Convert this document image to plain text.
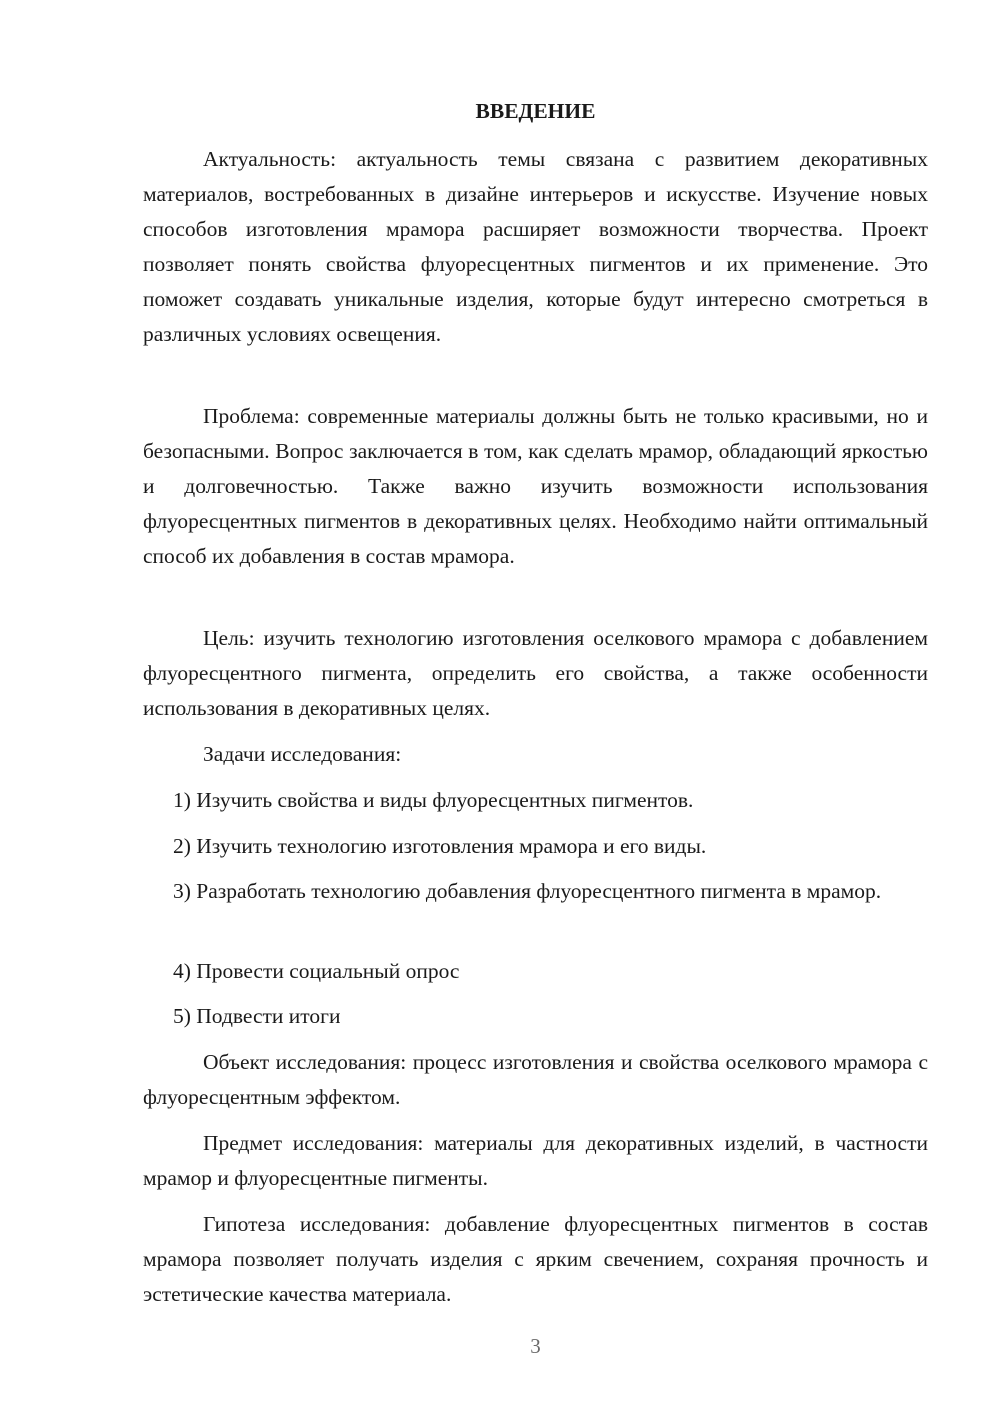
ВВЕДЕНИЕ

Актуальность: актуальность темы связана с развитием декоративных материалов, востребованных в дизайне интерьеров и искусстве. Изучение новых способов изготовления мрамора расширяет возможности творчества. Проект позволяет понять свойства флуоресцентных пигментов и их применение. Это поможет создавать уникальные изделия, которые будут интересно смотреться в различных условиях освещения.

Проблема: современные материалы должны быть не только красивыми, но и безопасными. Вопрос заключается в том, как сделать мрамор, обладающий яркостью и долговечностью. Также важно изучить возможности использования флуоресцентных пигментов в декоративных целях. Необходимо найти оптимальный способ их добавления в состав мрамора.

Цель: изучить технологию изготовления оселкового мрамора с добавлением флуоресцентного пигмента, определить его свойства, а также особенности использования в декоративных целях.

Задачи исследования:

1) Изучить свойства и виды флуоресцентных пигментов.

2) Изучить технологию изготовления мрамора и его виды.

3) Разработать технологию добавления флуоресцентного пигмента в мрамор.

4) Провести социальный опрос

5) Подвести итоги

Объект исследования: процесс изготовления и свойства оселкового мрамора с флуоресцентным эффектом.

Предмет исследования: материалы для декоративных изделий, в частности мрамор и флуоресцентные пигменты.

Гипотеза исследования: добавление флуоресцентных пигментов в состав мрамора позволяет получать изделия с ярким свечением, сохраняя прочность и эстетические качества материала.

3
